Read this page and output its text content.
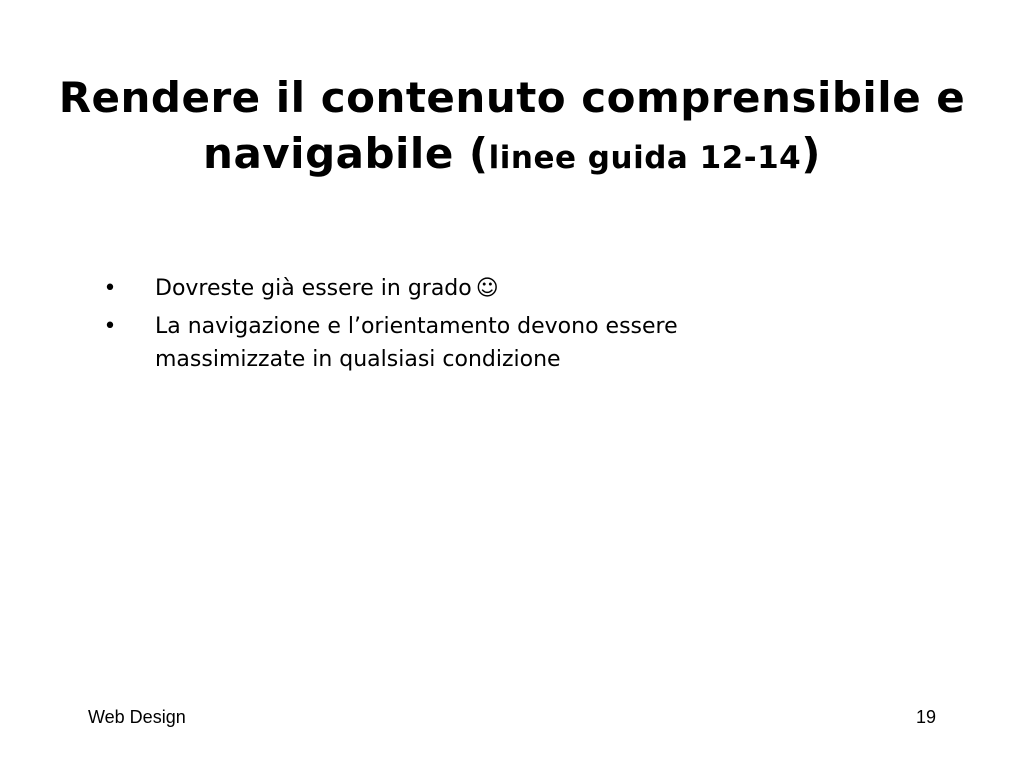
Rendere il contenuto comprensibile e
navigabile (linee guida 12-14)
• Dovreste già essere in grado ☺
• La navigazione e l’orientamento devono essere massimizzate in qualsiasi condizione
Web Design	19
